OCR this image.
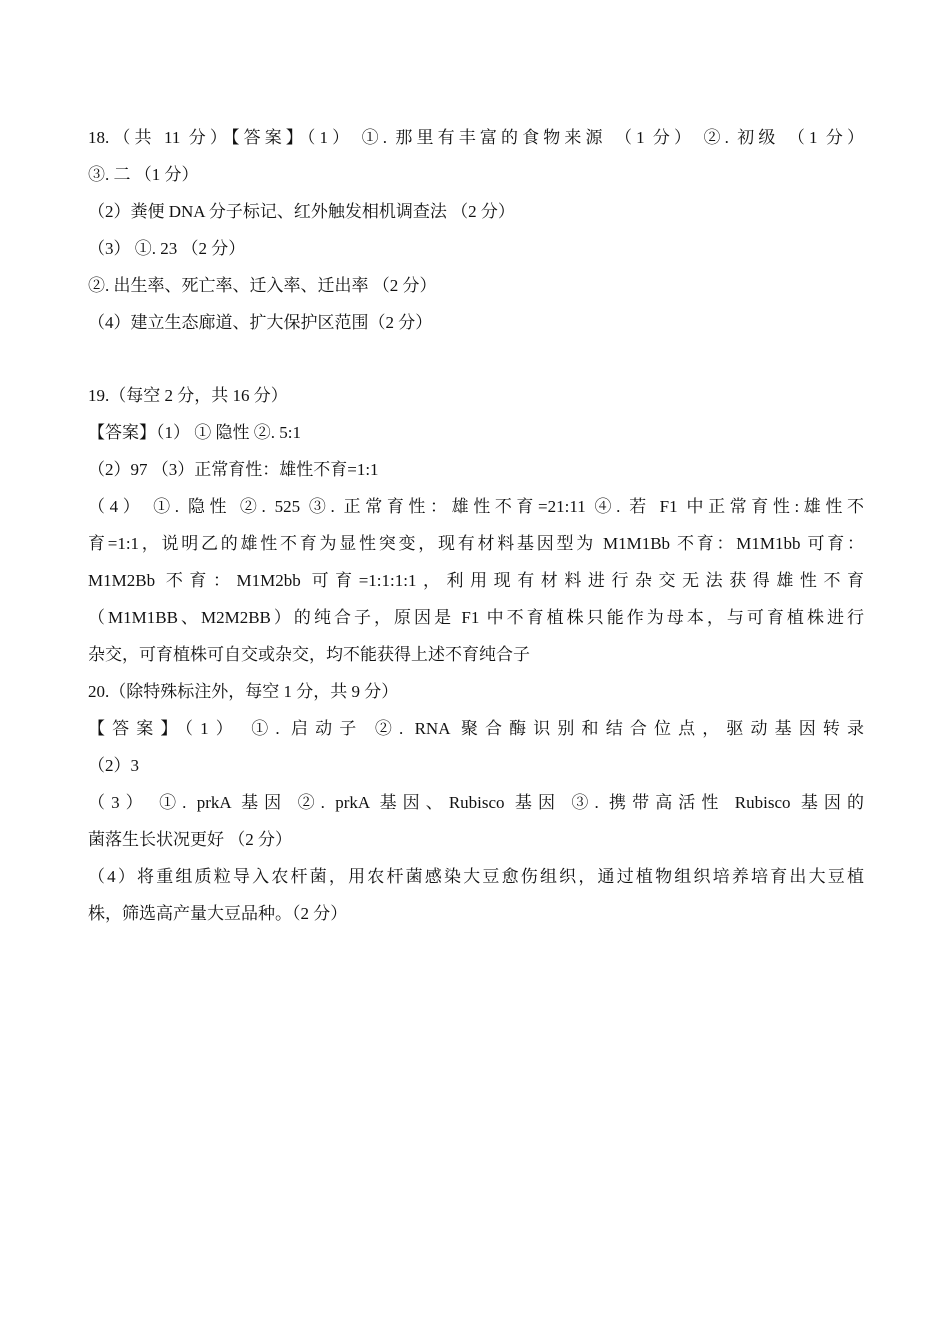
18.（共 11 分）【答案】（1） ①. 那里有丰富的食物来源 （1 分） ②. 初级 （1 分）
③. 二 （1 分）
（2）粪便 DNA 分子标记、红外触发相机调查法 （2 分）
（3） ①. 23 （2 分）
②. 出生率、死亡率、迁入率、迁出率 （2 分）
（4）建立生态廊道、扩大保护区范围（2 分）
19.（每空 2 分，共 16 分）
【答案】（1） ① 隐性 ②. 5:1
（2）97 （3）正常育性：雄性不育=1:1
（4） ①. 隐性 ②. 525 ③. 正常育性：雄性不育=21:11 ④. 若 F1 中正常育性:雄性不
育=1:1，说明乙的雄性不育为显性突变，现有材料基因型为 M1M1Bb 不育：M1M1bb 可育：
M1M2Bb 不育：M1M2bb 可育=1:1:1:1，利用现有材料进行杂交无法获得雄性不育
（M1M1BB、M2M2BB）的纯合子，原因是 F1 中不育植株只能作为母本，与可育植株进行
杂交，可育植株可自交或杂交，均不能获得上述不育纯合子
20.（除特殊标注外，每空 1 分，共 9 分）
【答案】（1） ①. 启动子 ②. RNA 聚合酶识别和结合位点，驱动基因转录
（2）3
（3） ①. prkA 基因 ②. prkA 基因、Rubisco 基因 ③. 携带高活性 Rubisco 基因的
菌落生长状况更好 （2 分）
（4）将重组质粒导入农杆菌，用农杆菌感染大豆愈伤组织，通过植物组织培养培育出大豆植
株，筛选高产量大豆品种。（2 分）
